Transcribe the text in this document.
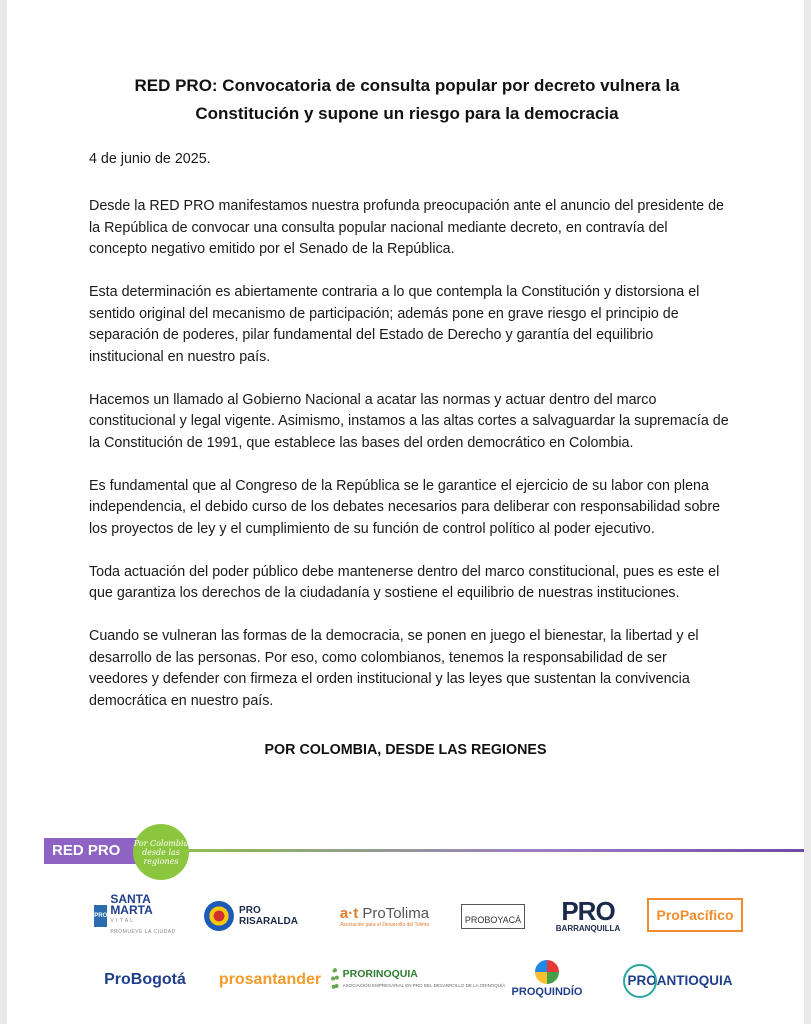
RED PRO: Convocatoria de consulta popular por decreto vulnera la
Constitución y supone un riesgo para la democracia
4 de junio de 2025.

Desde la RED PRO manifestamos nuestra profunda preocupación ante el anuncio del presidente de la República de convocar una consulta popular nacional mediante decreto, en contravía del concepto negativo emitido por el Senado de la República.

Esta determinación es abiertamente contraria a lo que contempla la Constitución y distorsiona el sentido original del mecanismo de participación; además pone en grave riesgo el principio de separación de poderes, pilar fundamental del Estado de Derecho y garantía del equilibrio institucional en nuestro país.

Hacemos un llamado al Gobierno Nacional a acatar las normas y actuar dentro del marco constitucional y legal vigente. Asimismo, instamos a las altas cortes a salvaguardar la supremacía de la Constitución de 1991, que establece las bases del orden democrático en Colombia.

Es fundamental que al Congreso de la República se le garantice el ejercicio de su labor con plena independencia, el debido curso de los debates necesarios para deliberar con responsabilidad sobre los proyectos de ley y el cumplimiento de su función de control político al poder ejecutivo.

Toda actuación del poder público debe mantenerse dentro del marco constitucional, pues es este el que garantiza los derechos de la ciudadanía y sostiene el equilibrio de nuestras instituciones.

Cuando se vulneran las formas de la democracia, se ponen en juego el bienestar, la libertad y el desarrollo de las personas. Por eso, como colombianos, tenemos la responsabilidad de ser veedores y defender con firmeza el orden institucional y las leyes que sustentan la convivencia democrática en nuestro país.

POR COLOMBIA, DESDE LAS REGIONES
RED PRO	Por Colombia desde las regiones
PRO
SANTA
MARTA
V I T A L
PROMUEVE LA CIUDAD
PRO
RISARALDA	a·t ProTolima
Asociación para el Desarrollo del Tolima	PROBOYACÁ PRO
BARRANQUILLA
ProPacífico
ProBogotá	prosantander	PRORINOQUIA
ASOCIACIÓN EMPRESARIAL EN PRO DEL DESARROLLO DE LA ORINOQUÍA
PROQUINDÍO
PROANTIOQUIA
